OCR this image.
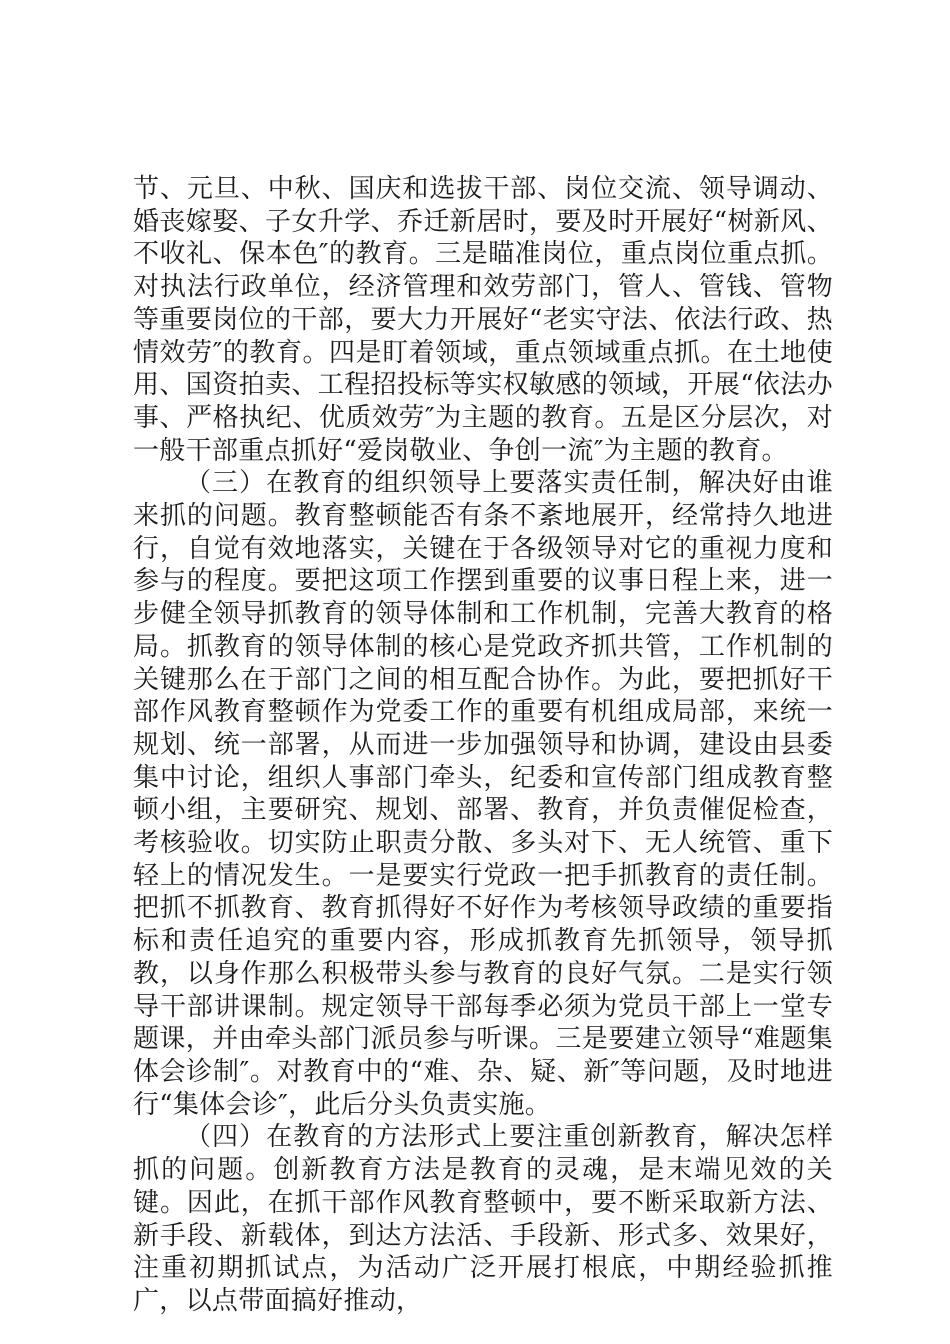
节、元旦、中秋、国庆和选拔干部、岗位交流、领导调动、婚丧嫁娶、子女升学、乔迁新居时，要及时开展好“树新风、不收礼、保本色″的教育。三是瞄准岗位，重点岗位重点抓。对执法行政单位，经济管理和效劳部门，管人、管钱、管物等重要岗位的干部，要大力开展好“老实守法、依法行政、热情效劳″的教育。四是盯着领域，重点领域重点抓。在土地使用、国资拍卖、工程招投标等实权敏感的领域，开展“依法办事、严格执纪、优质效劳″为主题的教育。五是区分层次，对一般干部重点抓好“爱岗敬业、争创一流″为主题的教育。

（三）在教育的组织领导上要落实责任制，解决好由谁来抓的问题。教育整顿能否有条不紊地展开，经常持久地进行，自觉有效地落实，关键在于各级领导对它的重视力度和参与的程度。要把这项工作摆到重要的议事日程上来，进一步健全领导抓教育的领导体制和工作机制，完善大教育的格局。抓教育的领导体制的核心是党政齐抓共管，工作机制的关键那么在于部门之间的相互配合协作。为此，要把抓好干部作风教育整顿作为党委工作的重要有机组成局部，来统一规划、统一部署，从而进一步加强领导和协调，建设由县委集中讨论，组织人事部门牵头，纪委和宣传部门组成教育整顿小组，主要研究、规划、部署、教育，并负责催促检查，考核验收。切实防止职责分散、多头对下、无人统管、重下轻上的情况发生。一是要实行党政一把手抓教育的责任制。把抓不抓教育、教育抓得好不好作为考核领导政绩的重要指标和责任追究的重要内容，形成抓教育先抓领导，领导抓教，以身作那么积极带头参与教育的良好气氛。二是实行领导干部讲课制。规定领导干部每季必须为党员干部上一堂专题课，并由牵头部门派员参与听课。三是要建立领导“难题集体会诊制″。对教育中的“难、杂、疑、新″等问题，及时地进行“集体会诊″，此后分头负责实施。

（四）在教育的方法形式上要注重创新教育，解决怎样抓的问题。创新教育方法是教育的灵魂，是末端见效的关键。因此，在抓干部作风教育整顿中，要不断采取新方法、新手段、新载体，到达方法活、手段新、形式多、效果好，注重初期抓试点，为活动广泛开展打根底，中期经验抓推广，以点带面搞好推动，
